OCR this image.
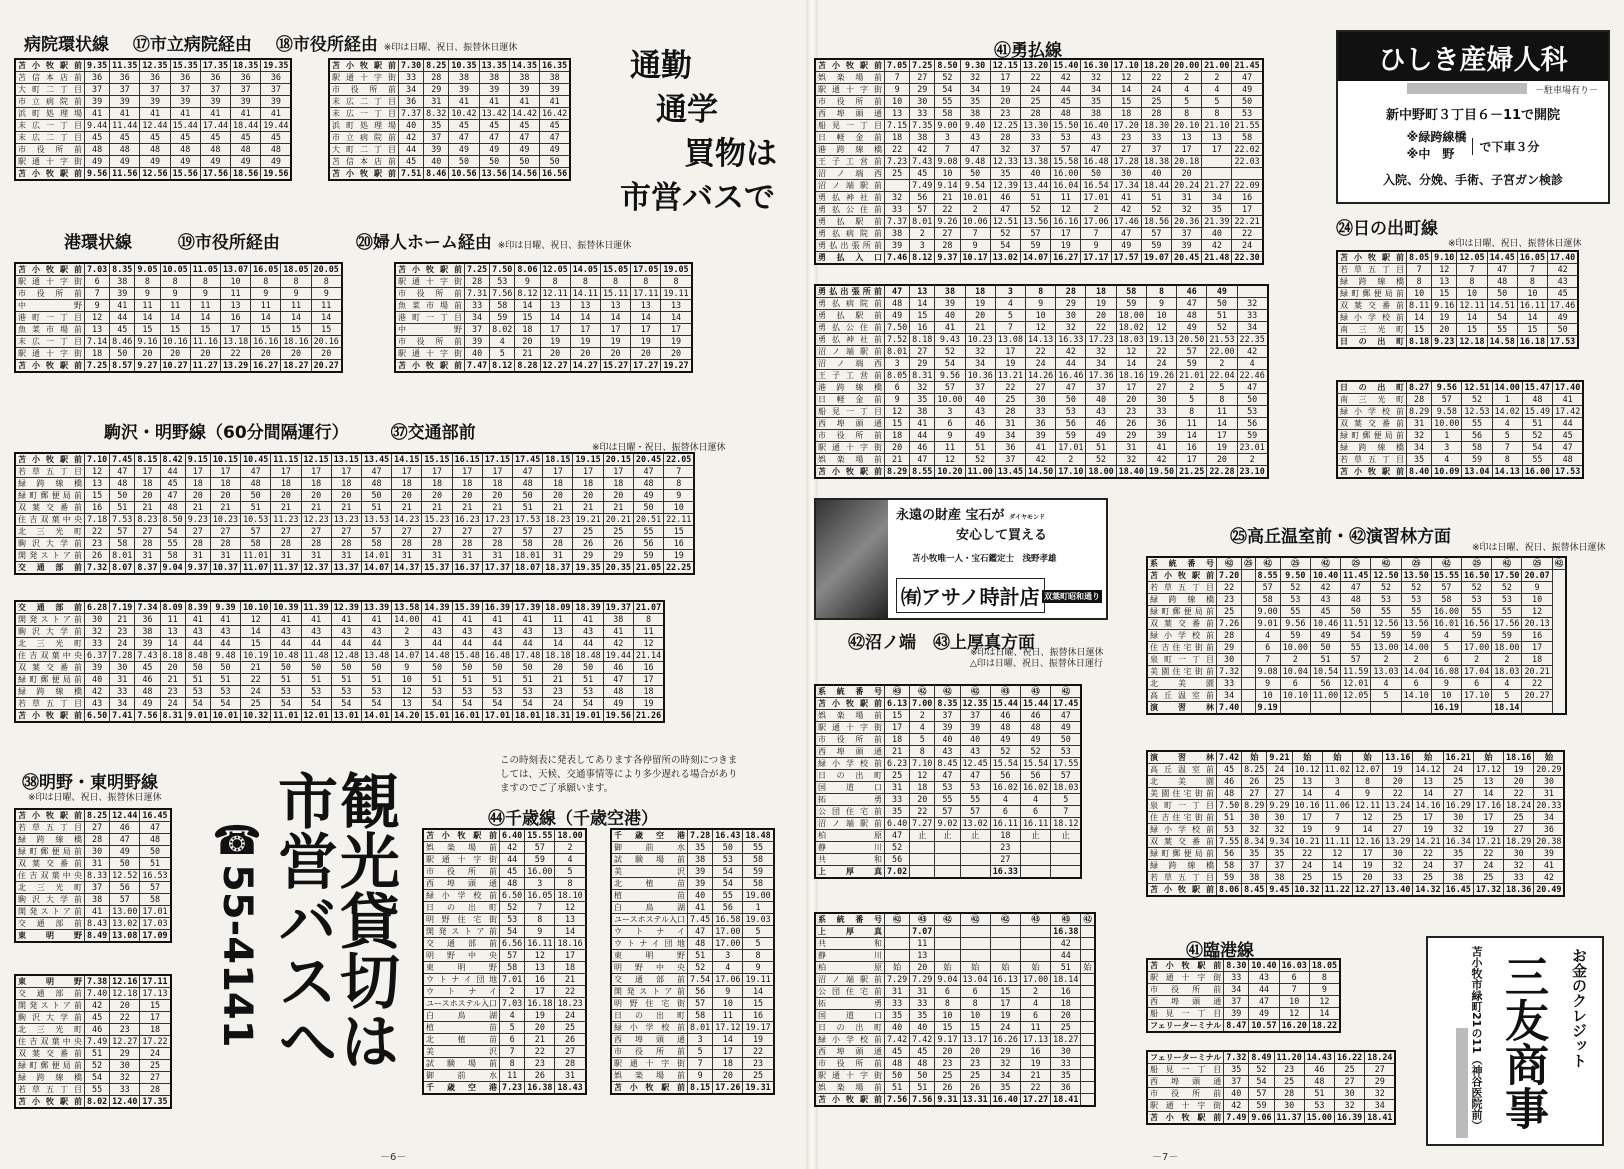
病院環状線 ⑰市立病院経由 ⑱市役所経由 ※印は日曜、祝日、振替休日運休
苫小牧駅前	9.35	11.35	12.35	15.35	17.35	18.35	19.35
苫信本店前	36	36	36	36	36	36	36
大町二丁目	37	37	37	37	37	37	37
市立病院前	39	39	39	39	39	39	39
浜町処理場	41	41	41	41	41	41	41
末広一丁目	9.44	11.44	12.44	15.44	17.44	18.44	19.44
末広二丁目	45	45	45	45	45	45	45
市役所前	48	48	48	48	48	48	48
駅通十字街	49	49	49	49	49	49	49
苫小牧駅前	9.56	11.56	12.56	15.56	17.56	18.56	19.56
苫小牧駅前	7.30	8.25	10.35	13.35	14.35	16.35
駅通十字街	33	28	38	38	38	38
市役所前	34	29	39	39	39	39
末広二丁目	36	31	41	41	41	41
末広一丁目	7.37	8.32	10.42	13.42	14.42	16.42
浜町処理場	40	35	45	45	45	45
市立病院前	42	37	47	47	47	47
大町二丁目	44	39	49	49	49	49
苫信本店前	45	40	50	50	50	50
苫小牧駅前	7.51	8.46	10.56	13.56	14.56	16.56
通勤
通学
買物は
市営バスで
港環状線	⑲市役所経由	⑳婦人ホーム経由 ※印は日曜、祝日、振替休日運休
苫小牧駅前	7.03	8.35	9.05	10.05	11.05	13.07	16.05	18.05	20.05
駅通十字街	6	38	8	8	8	10	8	8	8
市役所前	7	39	9	9	9	11	9	9	9
中野	9	41	11	11	11	13	11	11	11
港町一丁目	12	44	14	14	14	16	14	14	14
魚菜市場前	13	45	15	15	15	17	15	15	15
末広一丁目	7.14	8.46	9.16	10.16	11.16	13.18	16.16	18.16	20.16
駅通十字街	18	50	20	20	20	22	20	20	20
苫小牧駅前	7.25	8.57	9.27	10.27	11.27	13.29	16.27	18.27	20.27
苫小牧駅前	7.25	7.50	8.06	12.05	14.05	15.05	17.05	19.05
駅通十字街	28	53	9	8	8	8	8	8
市役所前	7.31	7.56	8.12	12.11	14.11	15.11	17.11	19.11
魚菜市場前	33	58	14	13	13	13	13	13
港町一丁目	34	59	15	14	14	14	14	14
中野	37	8.02	18	17	17	17	17	17
市役所前	39	4	20	19	19	19	19	19
駅通十字街	40	5	21	20	20	20	20	20
苫小牧駅前	7.47	8.12	8.28	12.27	14.27	15.27	17.27	19.27
駒沢・明野線（60分間隔運行） ㊲交通部前
※印は日曜・祝日、振替休日運休
苫小牧駅前	7.10	7.45	8.15	8.42	9.15	10.15	10.45	11.15	12.15	13.15	13.45	14.15	15.15	16.15	17.15	17.45	18.15	19.15	20.15	20.45	22.05
若草五丁目	12	47	17	44	17	17	47	17	17	17	47	17	17	17	17	47	17	17	17	47	7
緑跨線橋	13	48	18	45	18	18	48	18	18	18	48	18	18	18	18	48	18	18	18	48	8
緑町郵便局前	15	50	20	47	20	20	50	20	20	20	50	20	20	20	20	50	20	20	20	49	9
双葉交番前	16	51	21	48	21	21	51	21	21	21	51	21	21	21	21	51	21	21	21	50	10
住吉双葉中央	7.18	7.53	8.23	8.50	9.23	10.23	10.53	11.23	12.23	13.23	13.53	14.23	15.23	16.23	17.23	17.53	18.23	19.21	20.21	20.51	22.11
北三光町	22	57	27	54	27	27	57	27	27	27	57	27	27	27	27	57	27	25	25	55	15
駒沢大学前	23	58	28	55	28	28	58	28	28	28	58	28	28	28	28	58	28	26	26	56	16
開発ストア前	26	8.01	31	58	31	31	11.01	31	31	31	14.01	31	31	31	31	18.01	31	29	29	59	19
交通部前	7.32	8.07	8.37	9.04	9.37	10.37	11.07	11.37	12.37	13.37	14.07	14.37	15.37	16.37	17.37	18.07	18.37	19.35	20.35	21.05	22.25
交通部前	6.28	7.19	7.34	8.09	8.39	9.39	10.10	10.39	11.39	12.39	13.39	13.58	14.39	15.39	16.39	17.39	18.09	18.39	19.37	21.07
開発ストア前	30	21	36	11	41	41	12	41	41	41	41	14.00	41	41	41	41	11	41	38	8
駒沢大学前	32	23	38	13	43	43	14	43	43	43	43	2	43	43	43	43	13	43	41	11
北三光町	33	24	39	14	44	44	15	44	44	44	44	3	44	44	44	44	14	44	42	12
住吉双葉中央	6.37	7.28	7.43	8.18	8.48	9.48	10.19	10.48	11.48	12.48	13.48	14.07	14.48	15.48	16.48	17.48	18.18	18.48	19.44	21.14
双葉交番前	39	30	45	20	50	50	21	50	50	50	50	9	50	50	50	50	20	50	46	16
緑町郵便局前	40	31	46	21	51	51	22	51	51	51	51	10	51	51	51	51	21	51	47	17
緑跨線橋	42	33	48	23	53	53	24	53	53	53	53	12	53	53	53	53	23	53	48	18
若草五丁目	43	34	49	24	54	54	25	54	54	54	54	13	54	54	54	54	24	54	49	19
苫小牧駅前	6.50	7.41	7.56	8.31	9.01	10.01	10.32	11.01	12.01	13.01	14.01	14.20	15.01	16.01	17.01	18.01	18.31	19.01	19.56	21.26
この時刻表に発表してあります各停留所の時刻につきましては、天候、交通事情等により多少遅れる場合がありますのでご了承願います。
㊳明野・東明野線
※印は日曜、祝日、振替休日運休
苫小牧駅前	8.25	12.44	16.45
若草五丁目	27	46	47
緑跨線橋	28	47	48
緑町郵便局前	30	49	50
双葉交番前	31	50	51
住吉双葉中央	8.33	12.52	16.53
北三光町	37	56	57
駒沢大学前	38	57	58
開発ストア前	41	13.00	17.01
交通部前	8.43	13.02	17.03
東明野	8.49	13.08	17.09
東明野	7.38	12.16	17.11
交通部前	7.40	12.18	17.13
開発ストア前	42	20	15
駒沢大学前	45	22	17
北三光町	46	23	18
住吉双葉中央	7.49	12.27	17.22
双葉交番前	51	29	24
緑町郵便局前	52	30	25
緑跨線橋	54	32	27
若草五丁目	55	33	28
苫小牧駅前	8.02	12.40	17.35
観光貸切は
市営バスへ
☎55-4141
㊹千歳線（千歳空港）
苫小牧駅前	6.40	15.55	18.00
娯楽場前	42	57	2
駅通十字街	44	59	4
市役所前	45	16.00	5
西埠頭通	48	3	8
緑小学校前	6.50	16.05	18.10
日の出町	52	7	12
明野住宅街	53	8	13
開発ストア前	54	9	14
交通部前	6.56	16.11	18.16
明野中央	57	12	17
東明野	58	13	18
ウトナイ団地	7.01	16	21
ウトナイ	2	17	22
ユースホステル入口	7.03	16.18	18.23
白鳥湖	4	19	24
植苗	5	20	25
北植苗	6	21	26
美沢	7	22	27
試験場前	8	23	28
御前水	11	26	31
千歳空港	7.23	16.38	18.43
千歳空港	7.28	16.43	18.48
御前水	35	50	55
試験場前	38	53	58
美沢	39	54	59
北植苗	39	54	58
植苗	40	55	19.00
白鳥湖	41	56	1
ユースホステル入口	7.45	16.58	19.03
ウトナイ	47	17.00	5
ウトナイ団地	48	17.00	5
東明野	51	3	8
明野中央	52	4	9
交通部前	7.54	17.06	19.11
開発ストア前	56	9	14
明野住宅街	57	10	15
日の出町	58	11	16
緑小学校前	8.01	17.12	19.17
西埠頭通	3	14	19
市役所前	5	17	22
駅通十字街	7	18	23
娯楽場前	9	20	25
苫小牧駅前	8.15	17.26	19.31
－6－
㊶勇払線
苫小牧駅前	7.05	7.25	8.50	9.30	12.15	13.20	15.40	16.30	17.10	18.20	20.00	21.00	21.45
娯楽場前	7	27	52	32	17	22	42	32	12	22	2	2	47
駅通十字街	9	29	54	34	19	24	44	34	14	24	4	4	49
市役所前	10	30	55	35	20	25	45	35	15	25	5	5	50
西埠頭通	13	33	58	38	23	28	48	38	18	28	8	8	53
船見一丁目	7.15	7.35	9.00	9.40	12.25	13.30	15.50	16.40	17.20	18.30	20.10	21.10	21.55
日軽金前	18	38	3	43	28	33	53	43	23	33	13	13	58
港跨線橋	22	42	7	47	32	37	57	47	27	37	17	17	22.02
王子工営前	7.23	7.43	9.08	9.48	12.33	13.38	15.58	16.48	17.28	18.38	20.18		22.03
沼ノ端西	25	45	10	50	35	40	16.00	50	30	40	20		
沼ノ端駅前		7.49	9.14	9.54	12.39	13.44	16.04	16.54	17.34	18.44	20.24	21.27	22.09
勇払神社前	32	56	21	10.01	46	51	11	17.01	41	51	31	34	16
勇払公住前	33	57	22	2	47	52	12	2	42	52	32	35	17
勇払駅前	7.37	8.01	9.26	10.06	12.51	13.56	16.16	17.06	17.46	18.56	20.36	21.39	22.21
勇払病院前	38	2	27	7	52	57	17	7	47	57	37	40	22
勇払出張所前	39	3	28	9	54	59	19	9	49	59	39	42	24
勇払入口	7.46	8.12	9.37	10.17	13.02	14.07	16.27	17.17	17.57	19.07	20.45	21.48	22.30
勇払出張所前	47	13	38	18	3	8	28	18	58	8	46	49	
勇払病院前	48	14	39	19	4	9	29	19	59	9	47	50	32
勇払駅前	49	15	40	20	5	10	30	20	18.00	10	48	51	33
勇払公住前	7.50	16	41	21	7	12	32	22	18.02	12	49	52	34
勇払神社前	7.52	8.18	9.43	10.23	13.08	14.13	16.33	17.23	18.03	19.13	20.50	21.53	22.35
沼ノ端駅前	8.01	27	52	32	17	22	42	32	12	22	57	22.00	42
沼ノ端西	3	29	54	34	19	24	44	34	14	24	59	2	4
王子工営前	8.05	8.31	9.56	10.36	13.21	14.26	16.46	17.36	18.16	19.26	21.01	22.04	22.46
港跨線橋	6	32	57	37	22	27	47	37	17	27	2	5	47
日軽金前	9	35	10.00	40	25	30	50	40	20	30	5	8	50
船見一丁目	12	38	3	43	28	33	53	43	23	33	8	11	53
西埠頭通	15	41	6	46	31	36	56	46	26	36	11	14	56
市役所前	18	44	9	49	34	39	59	49	29	39	14	17	59
駅通十字街	20	46	11	51	36	41	17.01	51	31	41	16	19	23.01
娯楽場前	21	47	12	52	37	42	2	52	32	42	17	20	2
苫小牧駅前	8.29	8.55	10.20	11.00	13.45	14.50	17.10	18.00	18.40	19.50	21.25	22.28	23.10
ひしき産婦人科
－駐車場有り－
新中野町３丁目６－11で開院
※緑跨線橋
※中　野
で下車３分
入院、分娩、手術、子宮ガン検診
㉔日の出町線
※印は日曜、祝日、振替休日運休
苫小牧駅前	8.05	9.10	12.05	14.45	16.05	17.40
若草五丁目	7	12	7	47	7	42
緑跨線橋	8	13	8	48	8	43
緑町郵便局前	10	15	10	50	10	45
双葉交番前	8.11	9.16	12.11	14.51	16.11	17.46
緑小学校前	14	19	14	54	14	49
南三光町	15	20	15	55	15	50
日の出町	8.18	9.23	12.18	14.58	16.18	17.53
日の出町	8.27	9.56	12.51	14.00	15.47	17.40
南三光町	28	57	52	1	48	41
緑小学校前	8.29	9.58	12.53	14.02	15.49	17.42
双葉交番前	31	10.00	55	4	51	44
緑町郵便局前	32	1	56	5	52	45
緑跨線橋	34	3	58	7	54	47
若草五丁目	35	4	59	8	55	48
苫小牧駅前	8.40	10.09	13.04	14.13	16.00	17.53
永遠の財産 宝石が ダイヤモンド
安心して買える
苫小牧唯一人・宝石鑑定士　浅野孝雄
㈲アサノ時計店 双葉町昭和通り
㉕高丘温室前・㊷演習林方面
※印は日曜、祝日、振替休日運休
系統番号	㊷	㉕	㊷	㉕	㊷	㉕	㊷	㉕	㊷	㉕	㊷	㉕	㊷
苫小牧駅前	7.20		8.55	9.50	10.40	11.45	12.50	13.50	15.55	16.50	17.50	20.07	
若草五丁目	22		57	52	42	47	52	52	57	52	52	9	
緑跨線橋	23		58	53	43	48	53	53	58	53	53	10	
緑町郵便局前	25		9.00	55	45	50	55	55	16.00	55	55	12	
双葉交番前	7.26		9.01	9.56	10.46	11.51	12.56	13.56	16.01	16.56	17.56	20.13	
緑小学校前	28		4	59	49	54	59	59	4	59	59	16	
住吉住宅街前	29		6	10.00	50	55	13.00	14.00	5	17.00	18.00	17	
泉町一丁目	30		7	2	51	57	2	2	6	2	2	18	
美園住宅街前	7.32		9.08	10.04	10.54	11.59	13.03	14.04	16.08	17.04	18.03	20.21	
北美園	33		9	6	56	12.01	4	6	9	6	4	22	
高丘温室前	34		10	10.10	11.00	12.05	5	14.10	10	17.10	5	20.27	
演習林	7.40		9.19						16.19		18.14		
演習林	7.42	始	9.21	始	始	始	13.16	始	16.21	始	18.16	始
高丘温室前	45	8.25	24	10.12	11.02	12.07	19	14.12	24	17.12	19	20.29
北美園	46	26	25	13	3	8	20	13	25	13	20	30
美園住宅街前	48	27	27	14	4	9	22	14	27	14	22	31
泉町一丁目	7.50	8.29	9.29	10.16	11.06	12.11	13.24	14.16	16.29	17.16	18.24	20.33
住吉住宅街前	51	30	30	17	7	12	25	17	30	17	25	34
緑小学校前	53	32	32	19	9	14	27	19	32	19	27	36
双葉交番前	7.55	8.34	9.34	10.21	11.11	12.16	13.29	14.21	16.34	17.21	18.29	20.38
緑町郵便局前	56	35	35	22	12	17	30	22	35	22	30	39
緑跨線橋	58	37	37	24	14	19	32	24	37	24	32	41
若草五丁目	59	38	38	25	15	20	33	25	38	25	33	42
苫小牧駅前	8.06	8.45	9.45	10.32	11.22	12.27	13.40	14.32	16.45	17.32	18.36	20.49
㊷沼ノ端　㊸上厚真方面
※印は日曜、祝日、振替休日運休
△印は日曜、祝日、振替休日運行
系統番号	㊸	㊷	㊷	㊷	㊸	㊸	㊷
苫小牧駅前	6.13	7.00	8.35	12.35	15.44	15.44	17.45
娯楽場前	15	2	37	37	46	46	47
駅通十字街	17	4	39	39	48	48	49
市役所前	18	5	40	40	49	49	50
西埠頭通	21	8	43	43	52	52	53
緑小学校前	6.23	7.10	8.45	12.45	15.54	15.54	17.55
日の出町	25	12	47	47	56	56	57
国道口	31	18	53	53	16.02	16.02	18.03
拓勇	33	20	55	55	4	4	5
公団住宅前	35	22	57	57	6	6	7
沼ノ端駅前	6.40	7.27	9.02	13.02	16.11	16.11	18.12
柏原	47	止	止	止	18	止	止
静川	52				23		
共和	56				27		
上厚真	7.02				16.33		
系統番号	㊷	㊸	㊷	㊷	㊷	㊸	㊸	㊷
上厚真		7.07					16.38	
共和		11					42	
静川		13					44	
柏原	始	20	始	始	始	始	51	始
沼ノ端駅前	7.29	7.29	9.04	13.04	16.13	17.00	18.14	
公団住宅前	31	31	6	6	15	2	16	
拓勇	33	33	8	8	17	4	18	
国道口	35	35	10	10	19	6	20	
日の出町	40	40	15	15	24	11	25	
緑小学校前	7.42	7.42	9.17	13.17	16.26	17.13	18.27	
西埠頭通	45	45	20	20	29	16	30	
市役所前	48	48	23	23	32	19	33	
駅通十字街	50	50	25	25	34	21	35	
娯楽場前	51	51	26	26	35	22	36	
苫小牧駅前	7.56	7.56	9.31	13.31	16.40	17.27	18.41	
㊶臨港線
苫小牧駅前	8.30	10.40	16.03	18.05
駅通十字街	33	43	6	8
市役所前	34	44	7	9
西埠頭通	37	47	10	12
船見一丁目	39	49	12	14
フェリーターミナル	8.47	10.57	16.20	18.22
フェリーターミナル	7.32	8.49	11.20	14.43	16.22	18.24
船見一丁目	35	52	23	46	25	27
西埠頭通	37	54	25	48	27	29
市役所前	40	57	28	51	30	32
駅通十字街	42	59	30	53	32	34
苫小牧駅前	7.49	9.06	11.37	15.00	16.39	18.41
お金のクレジット
三友商事
苫小牧市緑町21の11（神谷医院前）
－7－
